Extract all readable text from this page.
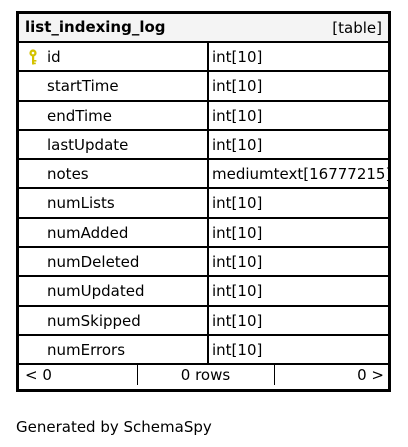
list_indexing_log	[table]
id	int[10]
startTime	int[10]
endTime	int[10]
lastUpdate	int[10]
notes	mediumtext[16777215]
numLists	int[10]
numAdded	int[10]
numDeleted	int[10]
numUpdated	int[10]
numSkipped	int[10]
numErrors	int[10]
< 0	0 rows	0 >
Generated by SchemaSpy
